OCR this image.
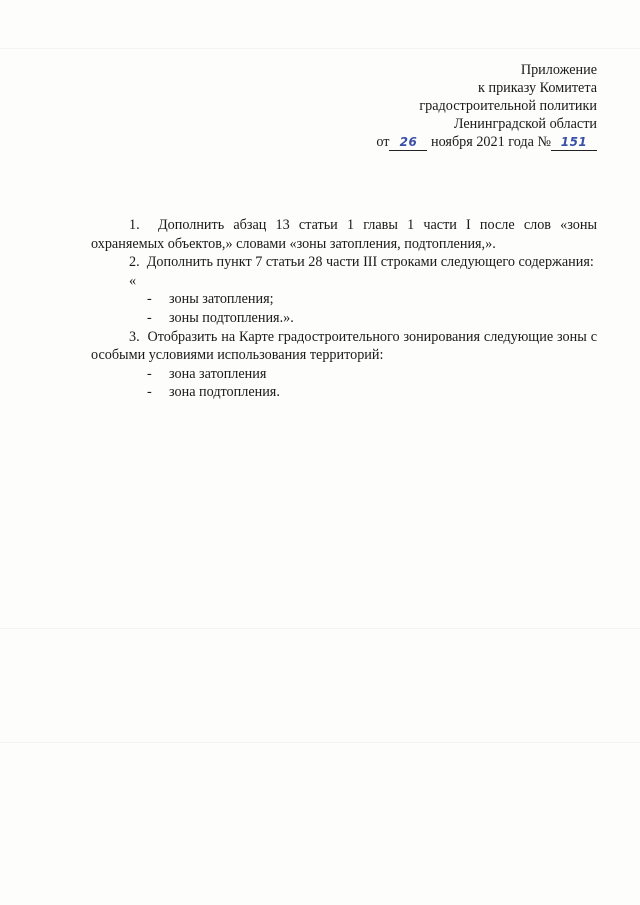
Приложение
к приказу Комитета
градостроительной политики
Ленинградской области
от 26 ноября 2021 года № 151

1. Дополнить абзац 13 статьи 1 главы 1 части I после слов «зоны охраняемых объектов,» словами «зоны затопления, подтопления,».

2. Дополнить пункт 7 статьи 28 части III строками следующего содержания:

«

- зоны затопления;

- зоны подтопления.».

3. Отобразить на Карте градостроительного зонирования следующие зоны с особыми условиями использования территорий:

- зона затопления

- зона подтопления.
